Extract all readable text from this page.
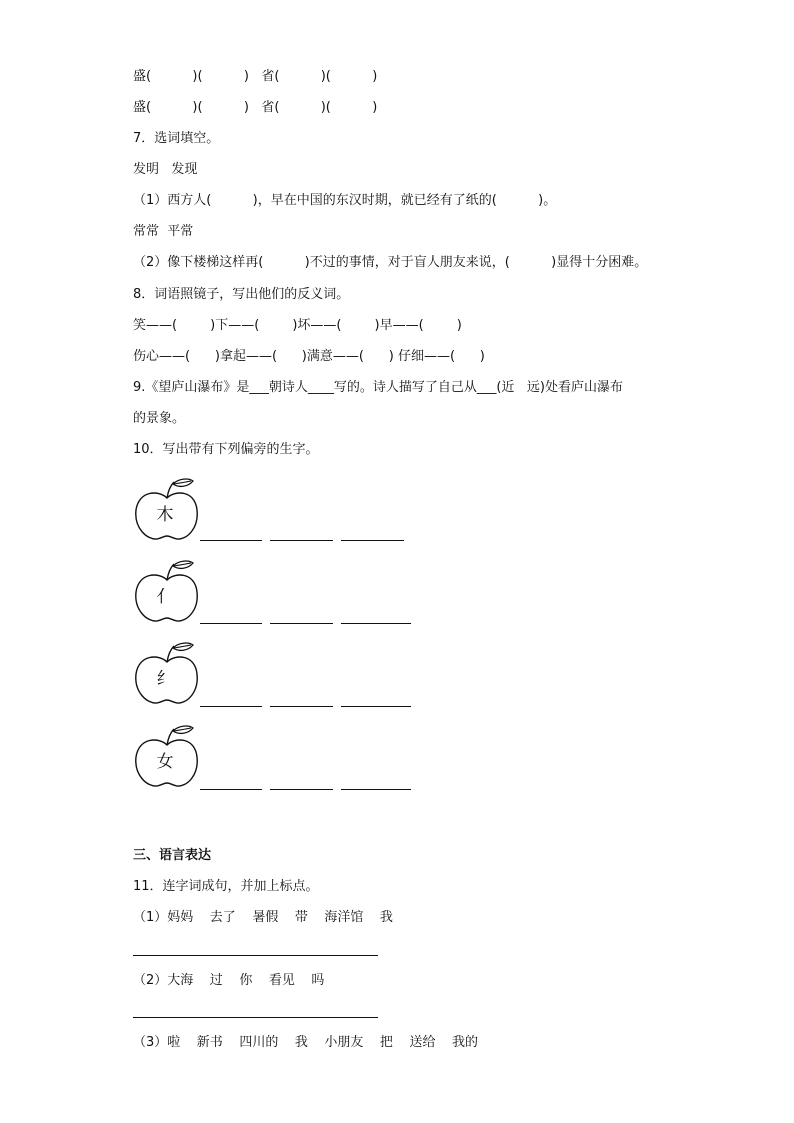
盛(          )(          )   省(          )(          )
盛(          )(          )   省(          )(          )
7．选词填空。
发明   发现
（1）西方人(          )，早在中国的东汉时期，就已经有了纸的(          )。
常常  平常
（2）像下楼梯这样再(          )不过的事情，对于盲人朋友来说，(          )显得十分困难。
8．词语照镜子，写出他们的反义词。
笑——(        )下——(        )坏——(        )早——(        )
伤心——(      )拿起——(      )满意——(      ) 仔细——(      )
9.《望庐山瀑布》是___朝诗人____写的。诗人描写了自己从___(近   远)处看庐山瀑布
的景象。
10．写出带有下列偏旁的生字。
木
亻
纟
女
三、语言表达
11．连字词成句，并加上标点。
（1）妈妈    去了    暑假    带    海洋馆    我
（2）大海    过    你    看见    吗
（3）啦    新书    四川的    我    小朋友    把    送给    我的
